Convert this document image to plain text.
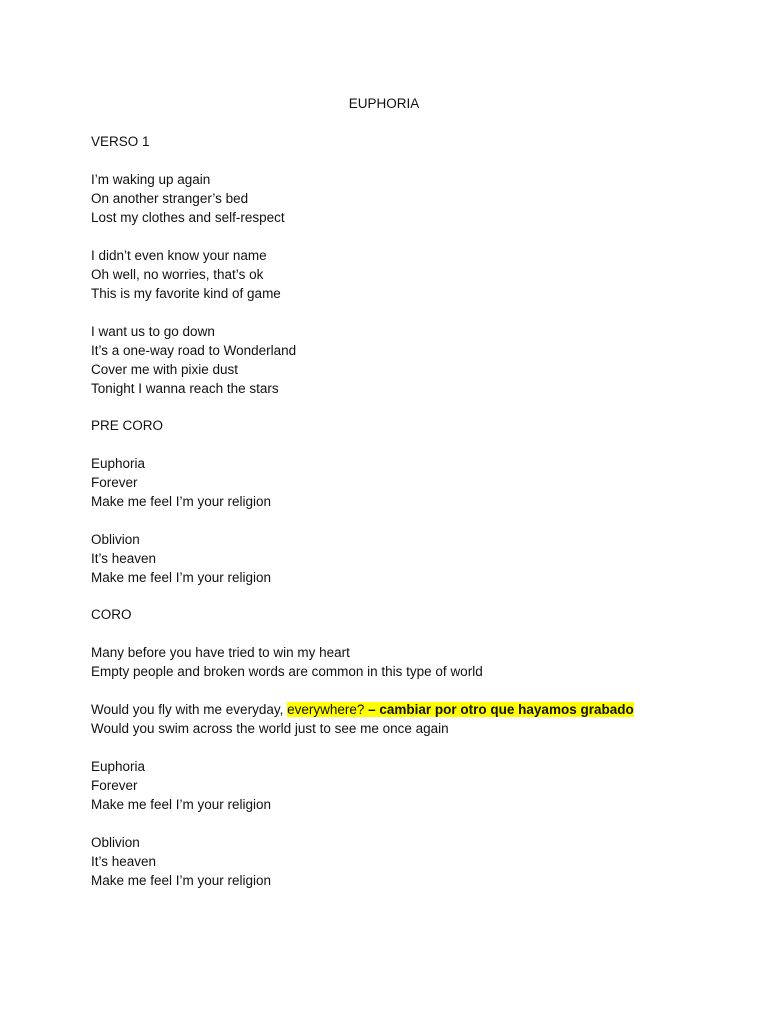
EUPHORIA
VERSO 1
I’m waking up again
On another stranger’s bed
Lost my clothes and self-respect
I didn’t even know your name
Oh well, no worries, that’s ok
This is my favorite kind of game
I want us to go down
It’s a one-way road to Wonderland
Cover me with pixie dust
Tonight I wanna reach the stars
PRE CORO
Euphoria
Forever
Make me feel I’m your religion
Oblivion
It’s heaven
Make me feel I’m your religion
CORO
Many before you have tried to win my heart
Empty people and broken words are common in this type of world
Would you fly with me everyday, everywhere? – cambiar por otro que hayamos grabado
Would you swim across the world just to see me once again
Euphoria
Forever
Make me feel I’m your religion
Oblivion
It’s heaven
Make me feel I’m your religion
